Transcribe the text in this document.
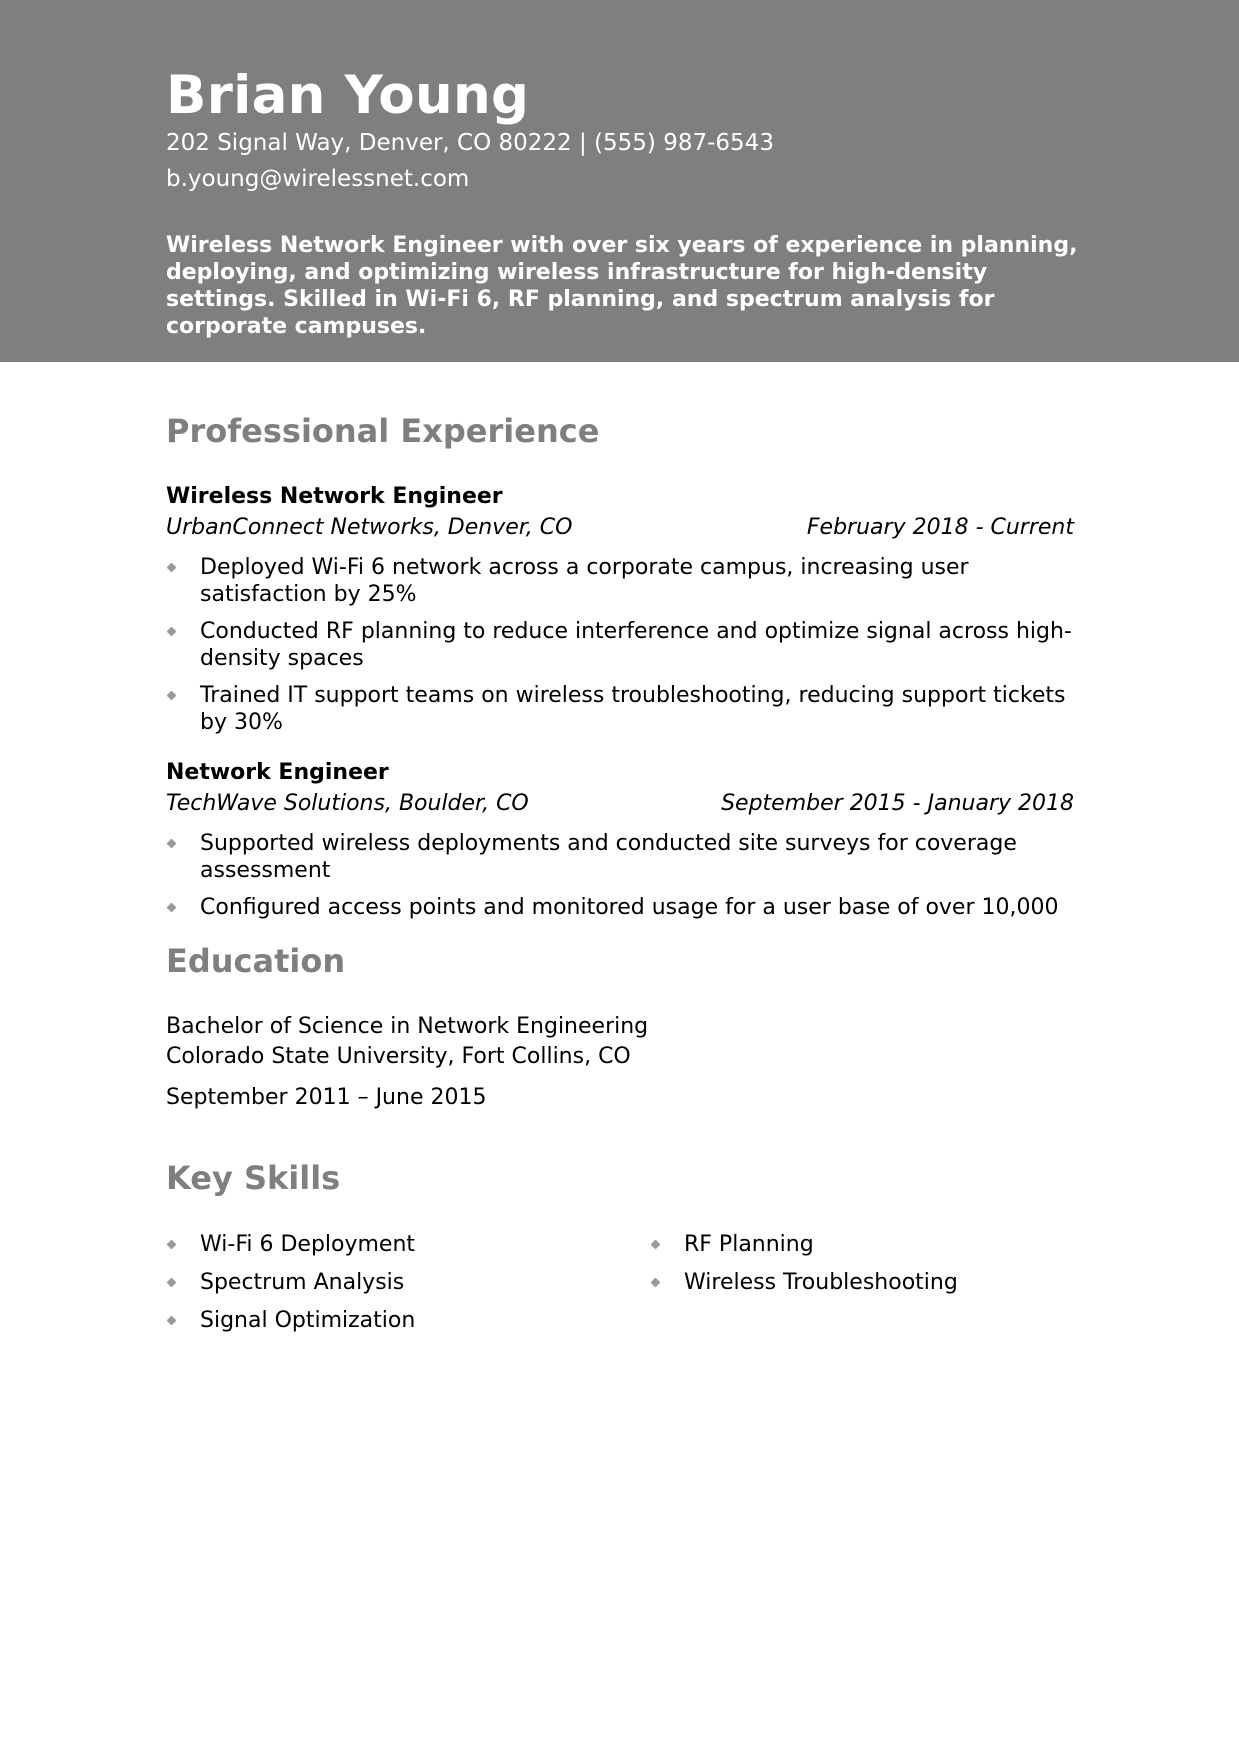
Brian Young
202 Signal Way, Denver, CO 80222 | (555) 987-6543
b.young@wirelessnet.com
Wireless Network Engineer with over six years of experience in planning, deploying, and optimizing wireless infrastructure for high-density settings. Skilled in Wi-Fi 6, RF planning, and spectrum analysis for corporate campuses.
Professional Experience
Wireless Network Engineer
UrbanConnect Networks, Denver, CO	February 2018 - Current
Deployed Wi-Fi 6 network across a corporate campus, increasing user satisfaction by 25%
Conducted RF planning to reduce interference and optimize signal across high-density spaces
Trained IT support teams on wireless troubleshooting, reducing support tickets by 30%
Network Engineer
TechWave Solutions, Boulder, CO	September 2015 - January 2018
Supported wireless deployments and conducted site surveys for coverage assessment
Configured access points and monitored usage for a user base of over 10,000
Education
Bachelor of Science in Network Engineering
Colorado State University, Fort Collins, CO
September 2011 – June 2015
Key Skills
Wi-Fi 6 Deployment	RF Planning
Spectrum Analysis	Wireless Troubleshooting
Signal Optimization
